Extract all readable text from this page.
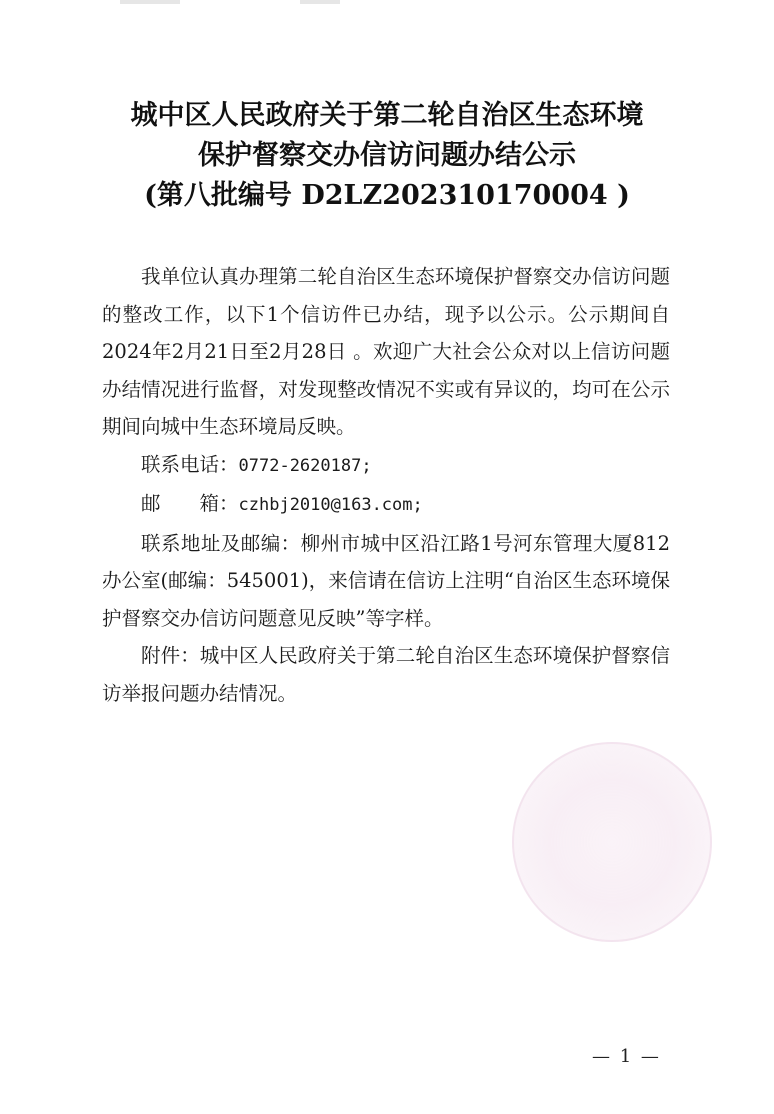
城中区人民政府关于第二轮自治区生态环境
保护督察交办信访问题办结公示
(第八批编号 D2LZ202310170004 )

我单位认真办理第二轮自治区生态环境保护督察交办信访问题的整改工作，以下1个信访件已办结，现予以公示。公示期间自2024年2月21日至2月28日 。欢迎广大社会公众对以上信访问题办结情况进行监督，对发现整改情况不实或有异议的，均可在公示期间向城中生态环境局反映。

联系电话：0772-2620187;

邮　　箱：czhbj2010@163.com;

联系地址及邮编：柳州市城中区沿江路1号河东管理大厦812办公室(邮编：545001)，来信请在信访上注明“自治区生态环境保护督察交办信访问题意见反映”等字样。

附件：城中区人民政府关于第二轮自治区生态环境保护督察信访举报问题办结情况。

— 1 —
